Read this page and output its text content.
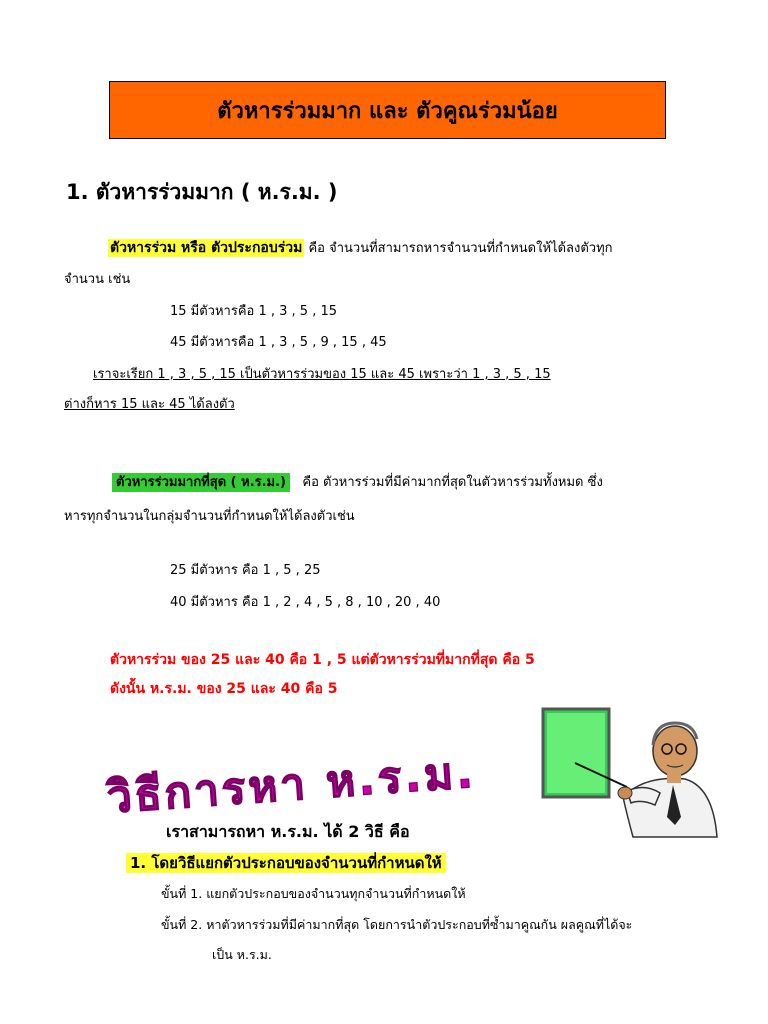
ตัวหารร่วมมาก และ ตัวคูณร่วมน้อย
1. ตัวหารร่วมมาก ( ห.ร.ม. )
ตัวหารร่วม หรือ ตัวประกอบร่วม คือ จำนวนที่สามารถหารจำนวนที่กำหนดให้ได้ลงตัวทุก
จำนวน เช่น
15 มีตัวหารคือ 1 , 3 , 5 , 15
45 มีตัวหารคือ 1 , 3 , 5 , 9 , 15 , 45
เราจะเรียก 1 , 3 , 5 , 15 เป็นตัวหารร่วมของ 15 และ 45 เพราะว่า 1 , 3 , 5 , 15
ต่างก็หาร 15 และ 45 ได้ลงตัว
ตัวหารร่วมมากที่สุด ( ห.ร.ม.) คือ ตัวหารร่วมที่มีค่ามากที่สุดในตัวหารร่วมทั้งหมด ซึ่ง
หารทุกจำนวนในกลุ่มจำนวนที่กำหนดให้ได้ลงตัวเช่น
25 มีตัวหาร คือ 1 , 5 , 25
40 มีตัวหาร คือ 1 , 2 , 4 , 5 , 8 , 10 , 20 , 40
ตัวหารร่วม ของ 25 และ 40 คือ 1 , 5 แต่ตัวหารร่วมที่มากที่สุด คือ 5
ดังนั้น ห.ร.ม. ของ 25 และ 40 คือ 5
วิธีการหา ห.ร.ม.
เราสามารถหา ห.ร.ม. ได้ 2 วิธี คือ
1. โดยวิธีแยกตัวประกอบของจำนวนที่กำหนดให้
ขั้นที่ 1. แยกตัวประกอบของจำนวนทุกจำนวนที่กำหนดให้
ขั้นที่ 2. หาตัวหารร่วมที่มีค่ามากที่สุด โดยการนำตัวประกอบที่ซ้ำมาคูณกัน ผลคูณที่ได้จะ
เป็น ห.ร.ม.
